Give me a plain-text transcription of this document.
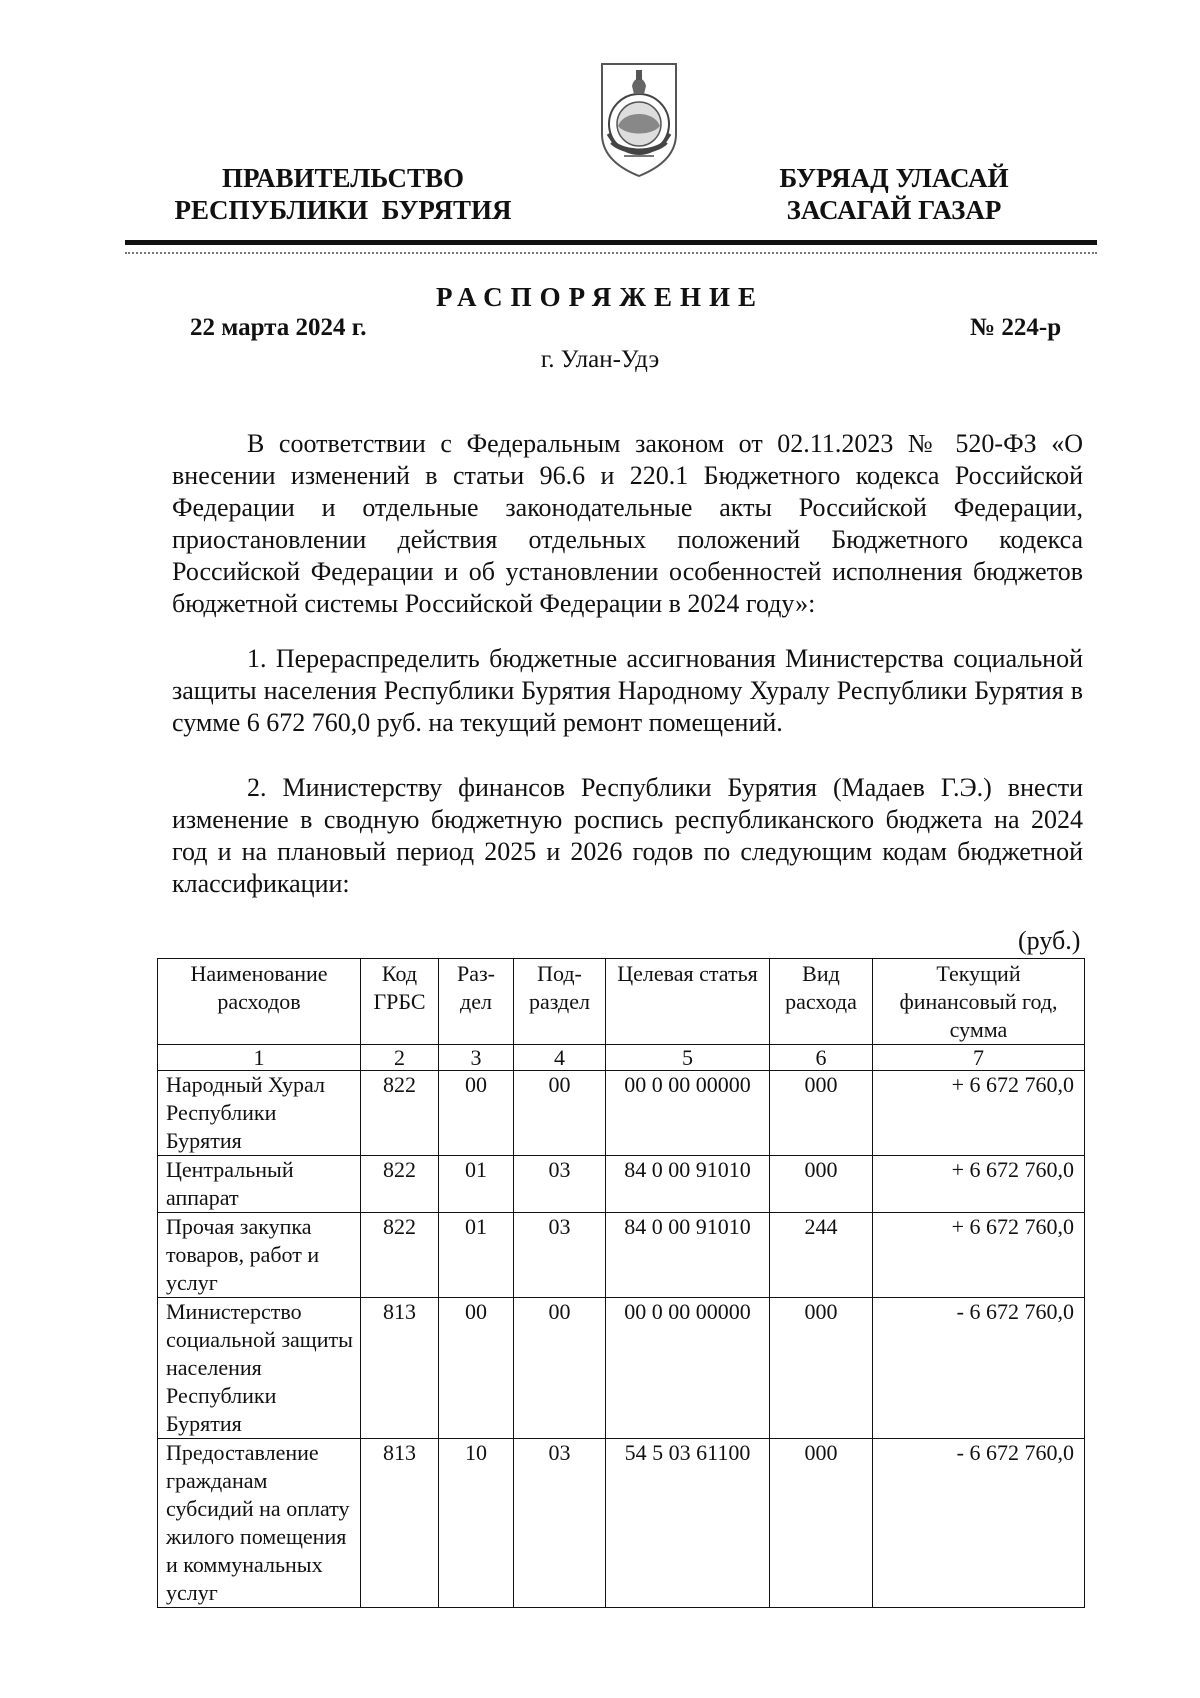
ПРАВИТЕЛЬСТВО
РЕСПУБЛИКИ  БУРЯТИЯ
БУРЯАД УЛАСАЙ
ЗАСАГАЙ ГАЗАР
РАСПОРЯЖЕНИЕ
22 марта 2024 г.	№ 224-р
г. Улан-Удэ
В соответствии с Федеральным законом от 02.11.2023 № 520-ФЗ «О внесении изменений в статьи 96.6 и 220.1 Бюджетного кодекса Российской Федерации и отдельные законодательные акты Российской Федерации, приостановлении действия отдельных положений Бюджетного кодекса Российской Федерации и об установлении особенностей исполнения бюджетов бюджетной системы Российской Федерации в 2024 году»:
1. Перераспределить бюджетные ассигнования Министерства социальной защиты населения Республики Бурятия Народному Хуралу Республики Бурятия в сумме 6 672 760,0 руб. на текущий ремонт помещений.
2. Министерству финансов Республики Бурятия (Мадаев Г.Э.) внести изменение в сводную бюджетную роспись республиканского бюджета на 2024 год и на плановый период 2025 и 2026 годов по следующим кодам бюджетной классификации:
(руб.)
Наименование расходов	Код ГРБС	Раз-дел	Под-раздел	Целевая статья	Вид расхода	Текущий финансовый год, сумма
1	2	3	4	5	6	7
Народный Хурал Республики Бурятия	822	00	00	00 0 00 00000	000	+ 6 672 760,0
Центральный аппарат	822	01	03	84 0 00 91010	000	+ 6 672 760,0
Прочая закупка товаров, работ и услуг	822	01	03	84 0 00 91010	244	+ 6 672 760,0
Министерство социальной защиты населения Республики Бурятия	813	00	00	00 0 00 00000	000	- 6 672 760,0
Предоставление гражданам субсидий на оплату жилого помещения и коммунальных услуг	813	10	03	54 5 03 61100	000	- 6 672 760,0
